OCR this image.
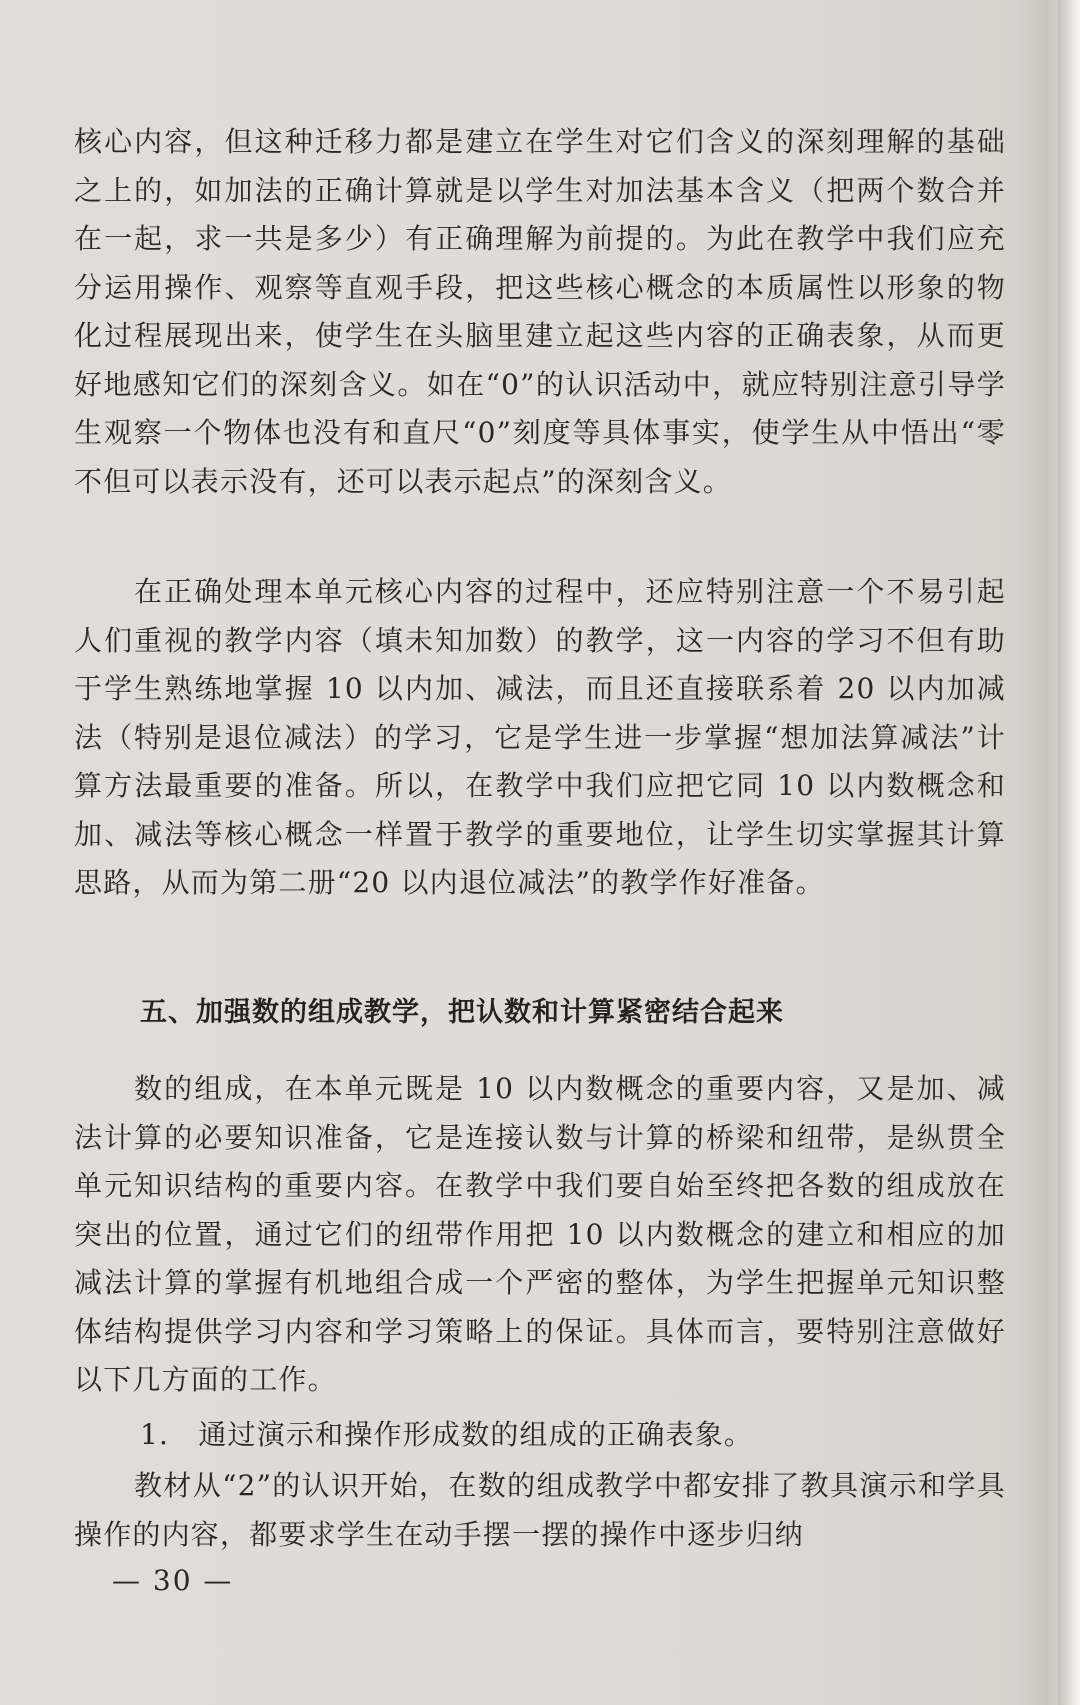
核心内容，但这种迁移力都是建立在学生对它们含义的深刻理解的基础之上的，如加法的正确计算就是以学生对加法基本含义（把两个数合并在一起，求一共是多少）有正确理解为前提的。为此在教学中我们应充分运用操作、观察等直观手段，把这些核心概念的本质属性以形象的物化过程展现出来，使学生在头脑里建立起这些内容的正确表象，从而更好地感知它们的深刻含义。如在“0”的认识活动中，就应特别注意引导学生观察一个物体也没有和直尺“0”刻度等具体事实，使学生从中悟出“零不但可以表示没有，还可以表示起点”的深刻含义。

在正确处理本单元核心内容的过程中，还应特别注意一个不易引起人们重视的教学内容（填未知加数）的教学，这一内容的学习不但有助于学生熟练地掌握 10 以内加、减法，而且还直接联系着 20 以内加减法（特别是退位减法）的学习，它是学生进一步掌握“想加法算减法”计算方法最重要的准备。所以，在教学中我们应把它同 10 以内数概念和加、减法等核心概念一样置于教学的重要地位，让学生切实掌握其计算思路，从而为第二册“20 以内退位减法”的教学作好准备。

五、加强数的组成教学，把认数和计算紧密结合起来

数的组成，在本单元既是 10 以内数概念的重要内容，又是加、减法计算的必要知识准备，它是连接认数与计算的桥梁和纽带，是纵贯全单元知识结构的重要内容。在教学中我们要自始至终把各数的组成放在突出的位置，通过它们的纽带作用把 10 以内数概念的建立和相应的加减法计算的掌握有机地组合成一个严密的整体，为学生把握单元知识整体结构提供学习内容和学习策略上的保证。具体而言，要特别注意做好以下几方面的工作。

1.　通过演示和操作形成数的组成的正确表象。

教材从“2”的认识开始，在数的组成教学中都安排了教具演示和学具操作的内容，都要求学生在动手摆一摆的操作中逐步归纳

— 30 —
